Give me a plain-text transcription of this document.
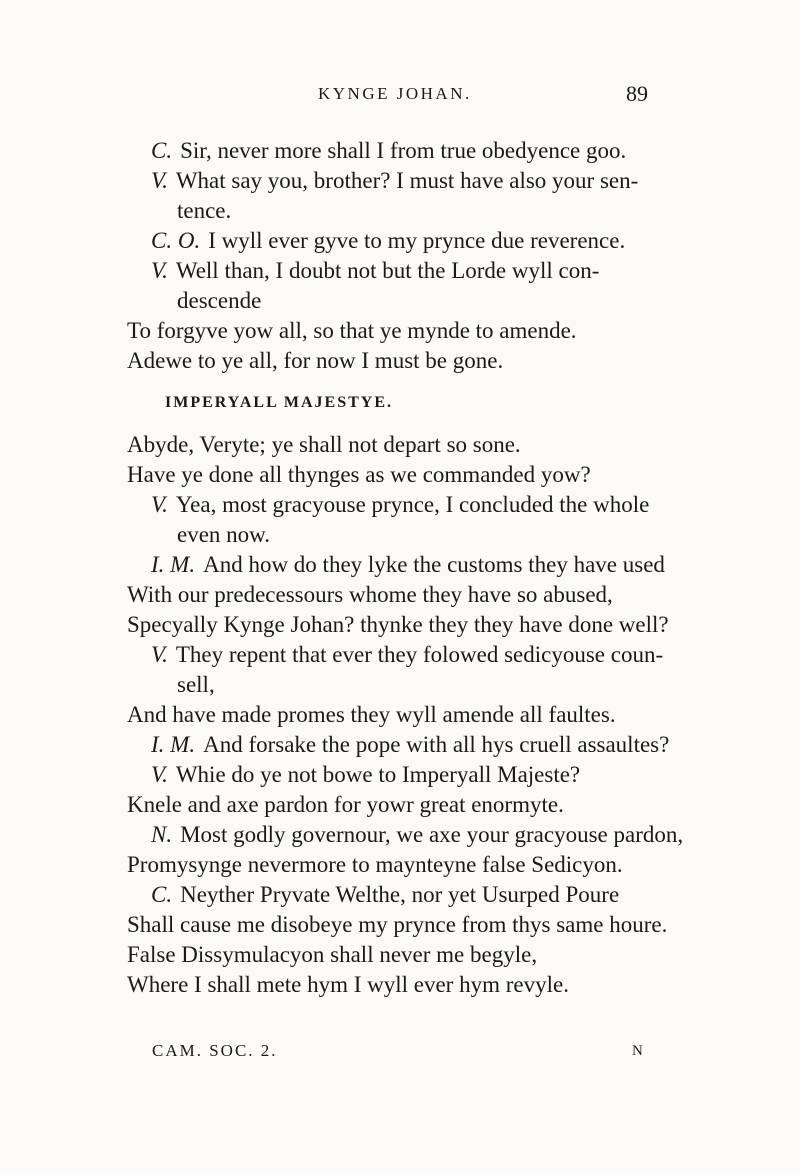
KYNGE JOHAN.	89
C. Sir, never more shall I from true obedyence goo.
V. What say you, brother? I must have also your sen-
tence.
C. O. I wyll ever gyve to my prynce due reverence.
V. Well than, I doubt not but the Lorde wyll con-
descende
To forgyve yow all, so that ye mynde to amende.
Adewe to ye all, for now I must be gone.
IMPERYALL MAJESTYE.
Abyde, Veryte; ye shall not depart so sone.
Have ye done all thynges as we commanded yow?
V. Yea, most gracyouse prynce, I concluded the whole
even now.
I. M. And how do they lyke the customs they have used
With our predecessours whome they have so abused,
Specyally Kynge Johan? thynke they they have done well?
V. They repent that ever they folowed sedicyouse coun-
sell,
And have made promes they wyll amende all faultes.
I. M. And forsake the pope with all hys cruell assaultes?
V. Whie do ye not bowe to Imperyall Majeste?
Knele and axe pardon for yowr great enormyte.
N. Most godly governour, we axe your gracyouse pardon,
Promysynge nevermore to maynteyne false Sedicyon.
C. Neyther Pryvate Welthe, nor yet Usurped Poure
Shall cause me disobeye my prynce from thys same houre.
False Dissymulacyon shall never me begyle,
Where I shall mete hym I wyll ever hym revyle.
CAM. SOC. 2.	N
